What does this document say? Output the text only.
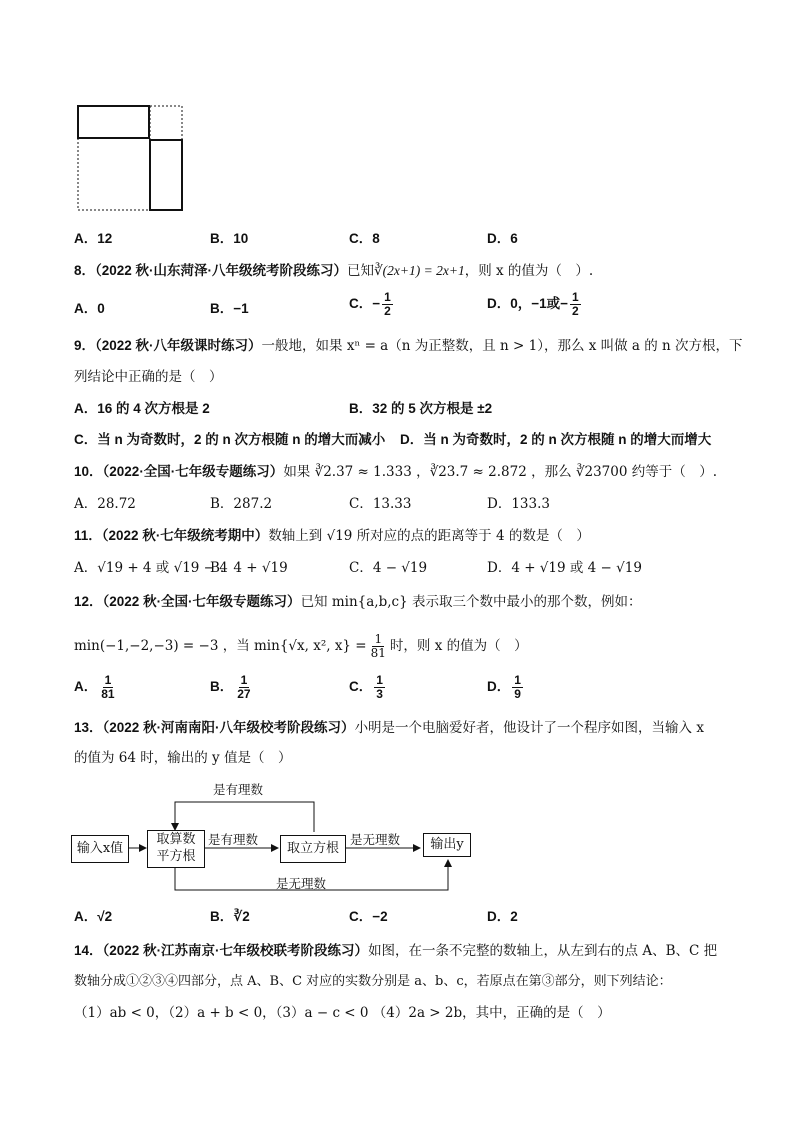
A．12	B．10	C．8	D．6
8．（2022 秋·山东菏泽·八年级统考阶段练习）已知∛(2x+1) = 2x+1，则 x 的值为（　）.
A．0	B．−1	C．− $\frac{1}{2}$	D．0，−1或− $\frac{1}{2}$
9．（2022 秋·八年级课时练习）一般地，如果 xⁿ = a（n 为正整数，且 n > 1），那么 x 叫做 a 的 n 次方根，下
列结论中正确的是（　）
A．16 的 4 次方根是 2	B．32 的 5 次方根是 ±2
C．当 n 为奇数时，2 的 n 次方根随 n 的增大而减小 D．当 n 为奇数时，2 的 n 次方根随 n 的增大而增大
10．（2022·全国·七年级专题练习）如果 ∛2.37 ≈ 1.333 ，∛23.7 ≈ 2.872 ，那么 ∛23700 约等于（　）.
A．28.72	B．287.2	C．13.33	D．133.3
11．（2022 秋·七年级统考期中）数轴上到 √19 所对应的点的距离等于 4 的数是（　）
A．√19 + 4 或 √19 − 4
B．4 + √19	C．4 − √19	D．4 + √19 或 4 − √19
12．（2022 秋·全国·七年级专题练习）已知 min{a,b,c} 表示取三个数中最小的那个数，例如：
min(−1,−2,−3) = −3 ，当 min{√x, x², $x\} = \frac{1}{81}$ 时，则 x 的值为（　）
A． $\frac{1}{81}$	B． $\frac{1}{27}$	C． $\frac{1}{3}$	D． $\frac{1}{9}$
13．（2022 秋·河南南阳·八年级校考阶段练习）小明是一个电脑爱好者，他设计了一个程序如图，当输入 x
的值为 64 时，输出的 y 值是（　）
输入x值
取算数
平方根
取立方根	输出y
是有理数
是有理数	是无理数
是无理数
A．√2	B．∛2	C．−2	D．2
14．（2022 秋·江苏南京·七年级校联考阶段练习）如图，在一条不完整的数轴上，从左到右的点 A、B、C 把
数轴分成①②③④四部分，点 A、B、C 对应的实数分别是 a、b、c，若原点在第③部分，则下列结论：
（1）ab < 0，（2）a + b < 0，（3）a − c < 0 （4）2a > 2b，其中，正确的是（　）
